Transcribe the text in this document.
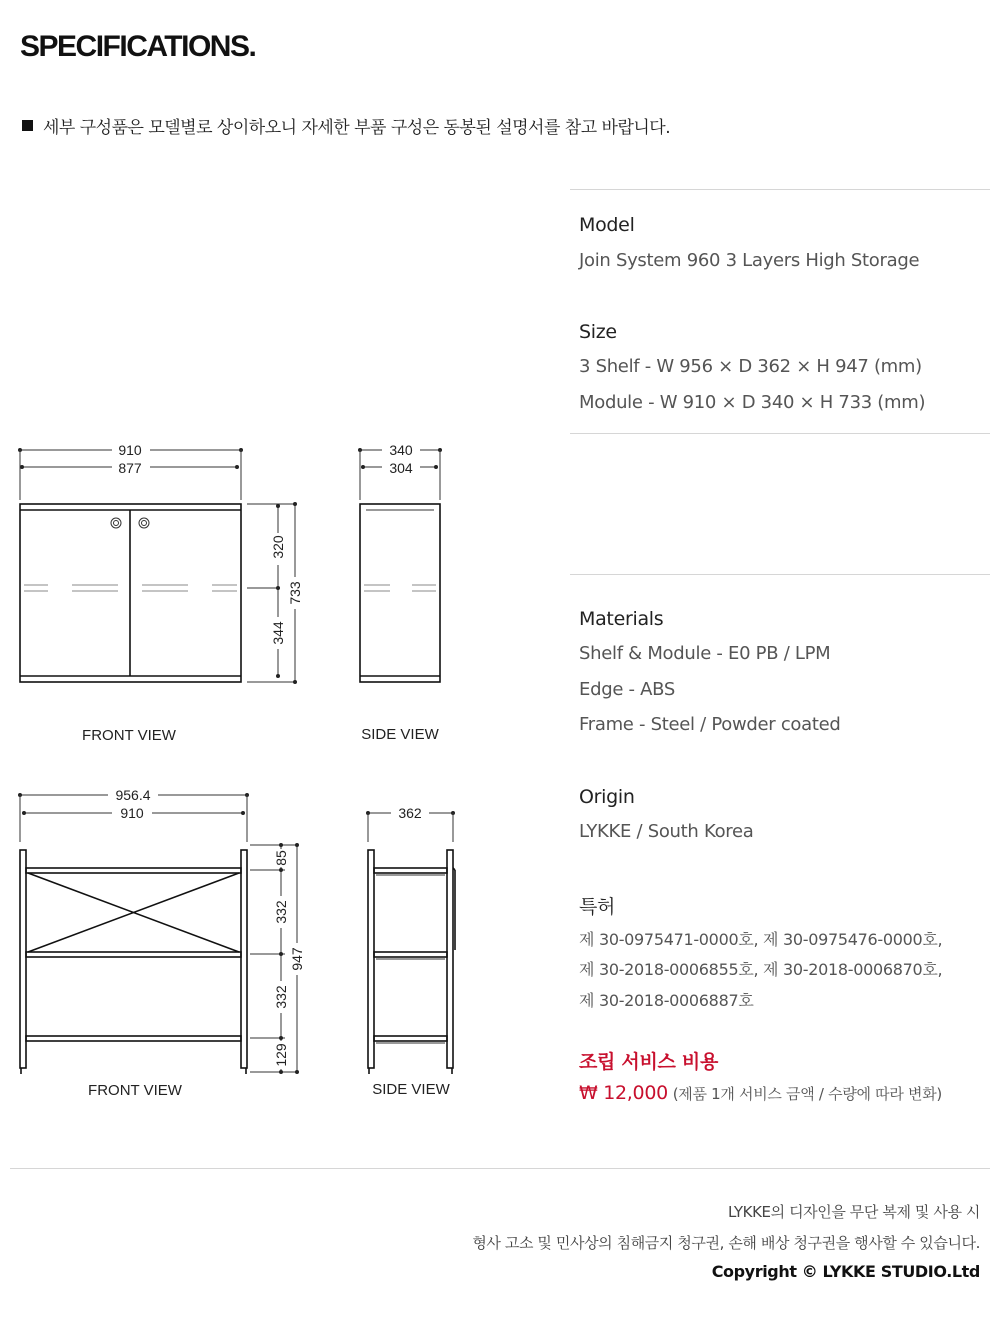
SPECIFICATIONS.
세부 구성품은 모델별로 상이하오니 자세한 부품 구성은 동봉된 설명서를 참고 바랍니다.
910
877
320
344
733
FRONT VIEW
340
304
SIDE VIEW
956.4
910
85
332
332
129
947
FRONT VIEW
362
SIDE VIEW
Model
Join System 960 3 Layers High Storage
Size
3 Shelf - W 956 × D 362 × H 947 (mm)
Module - W 910 × D 340 × H 733 (mm)
Materials
Shelf & Module - E0 PB / LPM
Edge - ABS
Frame - Steel / Powder coated
Origin
LYKKE / South Korea
특허
제 30-0975471-0000호, 제 30-0975476-0000호,
제 30-2018-0006855호, 제 30-2018-0006870호,
제 30-2018-0006887호
조립 서비스 비용
₩ 12,000 (제품 1개 서비스 금액 / 수량에 따라 변화)
LYKKE의 디자인을 무단 복제 및 사용 시
형사 고소 및 민사상의 침해금지 청구권, 손해 배상 청구권을 행사할 수 있습니다.
Copyright © LYKKE STUDIO.Ltd
